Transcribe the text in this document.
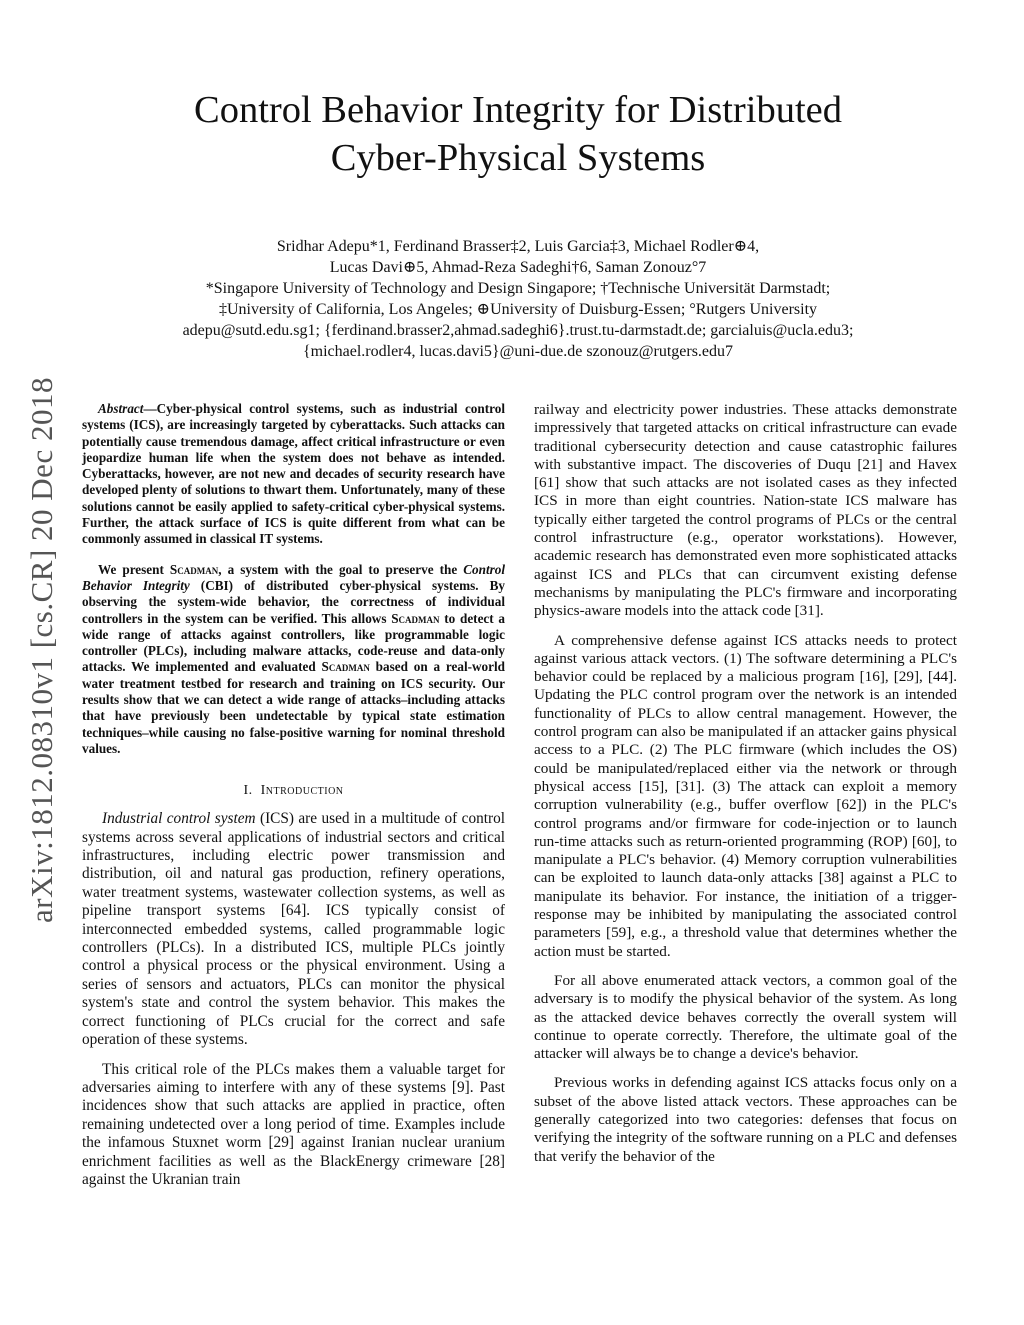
arXiv:1812.08310v1 [cs.CR] 20 Dec 2018
Control Behavior Integrity for Distributed
Cyber-Physical Systems
Sridhar Adepu*1, Ferdinand Brasser‡2, Luis Garcia‡3, Michael Rodler⊕4,
Lucas Davi⊕5, Ahmad-Reza Sadeghi†6, Saman Zonouz°7
*Singapore University of Technology and Design Singapore; †Technische Universität Darmstadt;
‡University of California, Los Angeles; ⊕University of Duisburg-Essen; °Rutgers University
adepu@sutd.edu.sg1; {ferdinand.brasser2,ahmad.sadeghi6}.trust.tu-darmstadt.de; garcialuis@ucla.edu3;
{michael.rodler4, lucas.davi5}@uni-due.de szonouz@rutgers.edu7

Abstract—Cyber-physical control systems, such as industrial control systems (ICS), are increasingly targeted by cyberattacks. Such attacks can potentially cause tremendous damage, affect critical infrastructure or even jeopardize human life when the system does not behave as intended. Cyberattacks, however, are not new and decades of security research have developed plenty of solutions to thwart them. Unfortunately, many of these solutions cannot be easily applied to safety-critical cyber-physical systems. Further, the attack surface of ICS is quite different from what can be commonly assumed in classical IT systems.

We present Scadman, a system with the goal to preserve the Control Behavior Integrity (CBI) of distributed cyber-physical systems. By observing the system-wide behavior, the correctness of individual controllers in the system can be verified. This allows Scadman to detect a wide range of attacks against controllers, like programmable logic controller (PLCs), including malware attacks, code-reuse and data-only attacks. We implemented and evaluated Scadman based on a real-world water treatment testbed for research and training on ICS security. Our results show that we can detect a wide range of attacks–including attacks that have previously been undetectable by typical state estimation techniques–while causing no false-positive warning for nominal threshold values.

I. Introduction

Industrial control system (ICS) are used in a multitude of control systems across several applications of industrial sectors and critical infrastructures, including electric power transmission and distribution, oil and natural gas production, refinery operations, water treatment systems, wastewater collection systems, as well as pipeline transport systems [64]. ICS typically consist of interconnected embedded systems, called programmable logic controllers (PLCs). In a distributed ICS, multiple PLCs jointly control a physical process or the physical environment. Using a series of sensors and actuators, PLCs can monitor the physical system's state and control the system behavior. This makes the correct functioning of PLCs crucial for the correct and safe operation of these systems.

This critical role of the PLCs makes them a valuable target for adversaries aiming to interfere with any of these systems [9]. Past incidences show that such attacks are applied in practice, often remaining undetected over a long period of time. Examples include the infamous Stuxnet worm [29] against Iranian nuclear uranium enrichment facilities as well as the BlackEnergy crimeware [28] against the Ukranian train

railway and electricity power industries. These attacks demonstrate impressively that targeted attacks on critical infrastructure can evade traditional cybersecurity detection and cause catastrophic failures with substantive impact. The discoveries of Duqu [21] and Havex [61] show that such attacks are not isolated cases as they infected ICS in more than eight countries. Nation-state ICS malware has typically either targeted the control programs of PLCs or the central control infrastructure (e.g., operator workstations). However, academic research has demonstrated even more sophisticated attacks against ICS and PLCs that can circumvent existing defense mechanisms by manipulating the PLC's firmware and incorporating physics-aware models into the attack code [31].

A comprehensive defense against ICS attacks needs to protect against various attack vectors. (1) The software determining a PLC's behavior could be replaced by a malicious program [16], [29], [44]. Updating the PLC control program over the network is an intended functionality of PLCs to allow central management. However, the control program can also be manipulated if an attacker gains physical access to a PLC. (2) The PLC firmware (which includes the OS) could be manipulated/replaced either via the network or through physical access [15], [31]. (3) The attack can exploit a memory corruption vulnerability (e.g., buffer overflow [62]) in the PLC's control programs and/or firmware for code-injection or to launch run-time attacks such as return-oriented programming (ROP) [60], to manipulate a PLC's behavior. (4) Memory corruption vulnerabilities can be exploited to launch data-only attacks [38] against a PLC to manipulate its behavior. For instance, the initiation of a trigger-response may be inhibited by manipulating the associated control parameters [59], e.g., a threshold value that determines whether the action must be started.

For all above enumerated attack vectors, a common goal of the adversary is to modify the physical behavior of the system. As long as the attacked device behaves correctly the overall system will continue to operate correctly. Therefore, the ultimate goal of the attacker will always be to change a device's behavior.

Previous works in defending against ICS attacks focus only on a subset of the above listed attack vectors. These approaches can be generally categorized into two categories: defenses that focus on verifying the integrity of the software running on a PLC and defenses that verify the behavior of the
